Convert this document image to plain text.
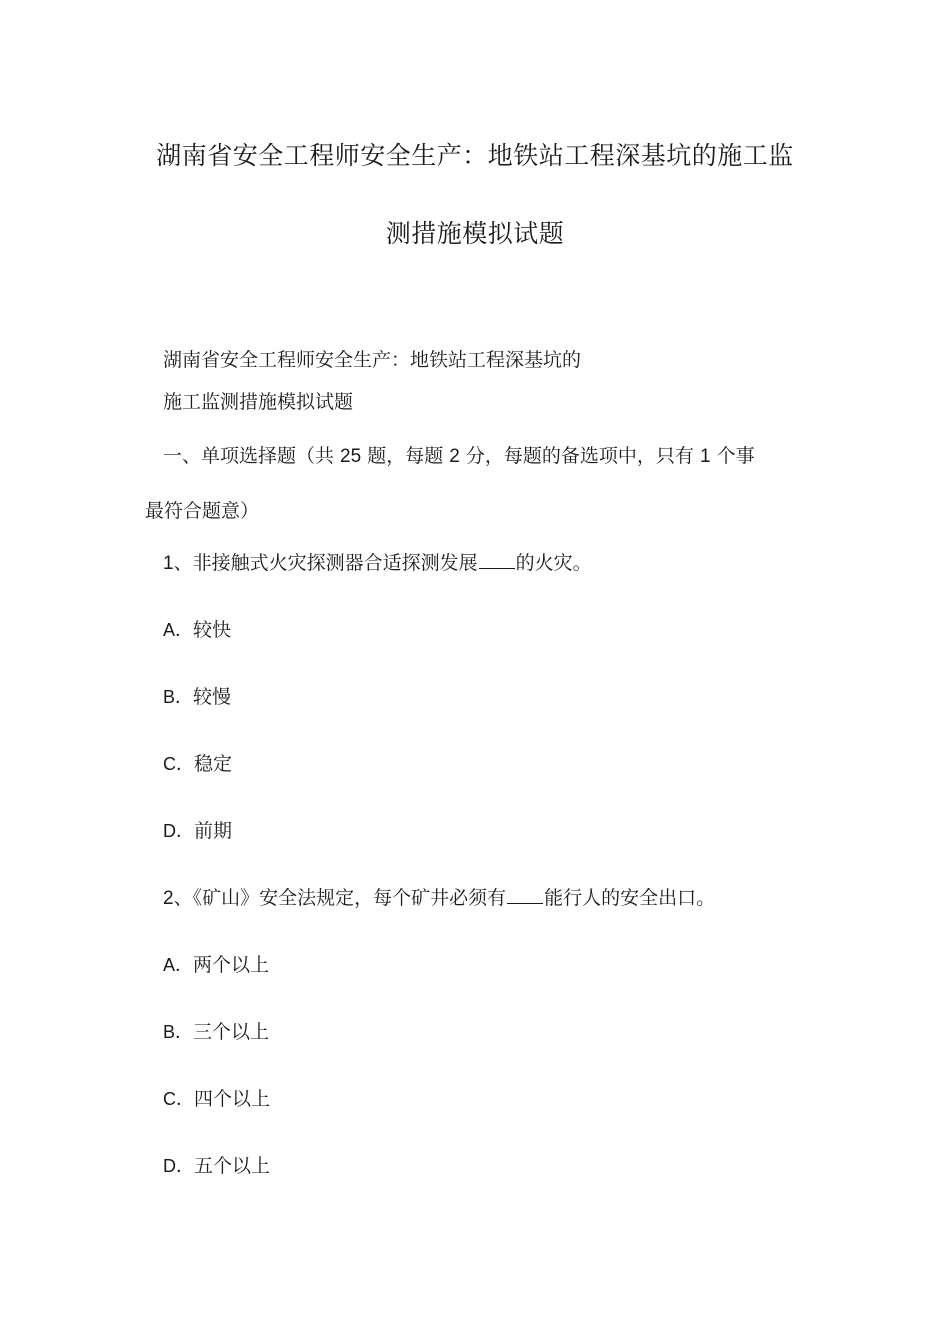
湖南省安全工程师安全生产：地铁站工程深基坑的施工监
测措施模拟试题
湖南省安全工程师安全生产：地铁站工程深基坑的
施工监测措施模拟试题
一、单项选择题（共 25 题，每题 2 分，每题的备选项中，只有 1 个事
最符合题意）
1、非接触式火灾探测器合适探测发展 的火灾。
A．较快
B．较慢
C．稳定
D．前期
2、《矿山》安全法规定，每个矿井必须有 能行人的安全出口。
A．两个以上
B．三个以上
C．四个以上
D．五个以上
